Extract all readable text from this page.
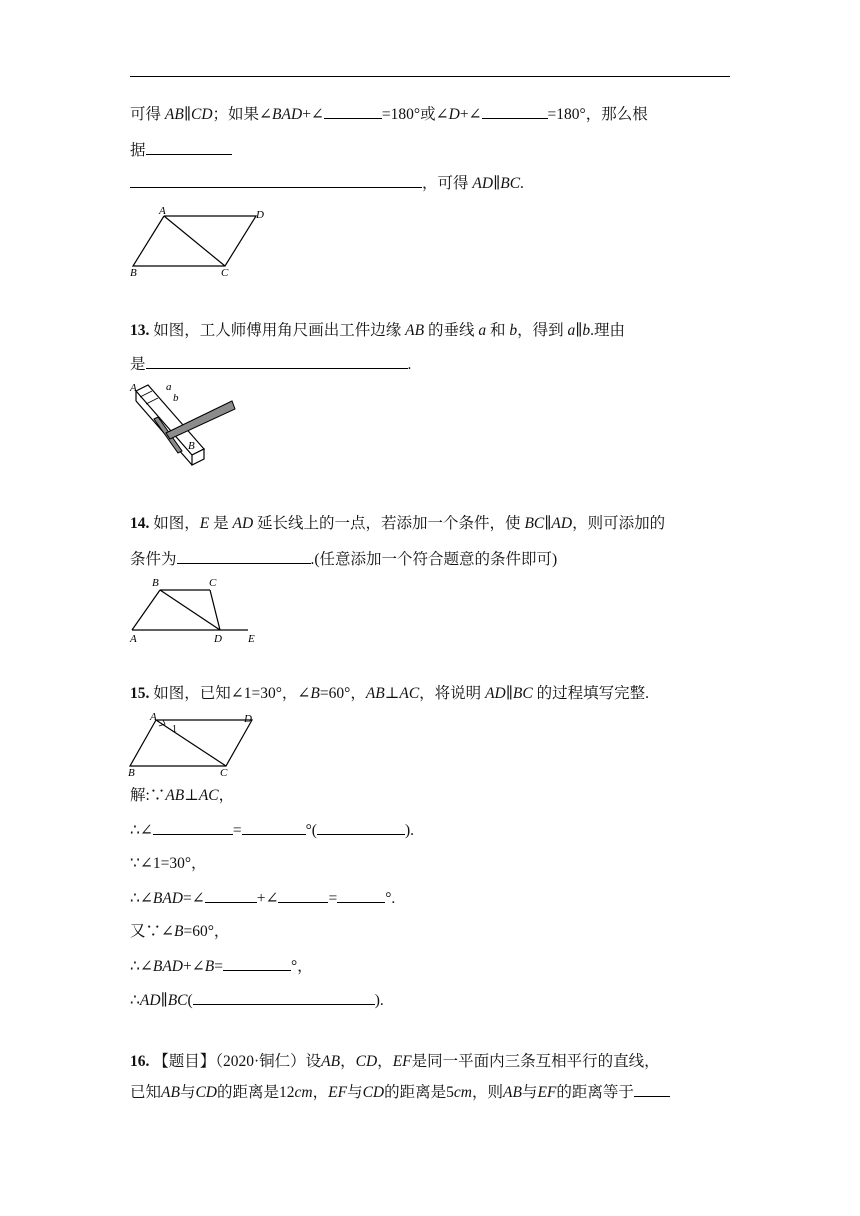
可得 AB∥CD；如果∠BAD+∠	=180°或∠D+∠	=180°，那么根
据
，可得 AD∥BC.
A	D
B	C
13. 如图，工人师傅用角尺画出工件边缘 AB 的垂线 a 和 b，得到 a∥b.理由
是	.
A	a
b
B
14. 如图，E 是 AD 延长线上的一点，若添加一个条件，使 BC∥AD，则可添加的
条件为	.(任意添加一个符合题意的条件即可)
B	C
A	D E
15. 如图，已知∠1=30°，∠B=60°，AB⊥AC，将说明 AD∥BC 的过程填写完整.
A	D
1
B	C
解:∵AB⊥AC，
∴∠	=	°(	).
∵∠1=30°，
∴∠BAD=∠	+∠	=	°.
又∵∠B=60°，
∴∠BAD+∠B=	°，
∴AD∥BC(	).
16. 【题目】（2020·铜仁）设AB，CD，EF是同一平面内三条互相平行的直线，
已知AB与CD的距离是12cm，EF与CD的距离是5cm，则AB与EF的距离等于
